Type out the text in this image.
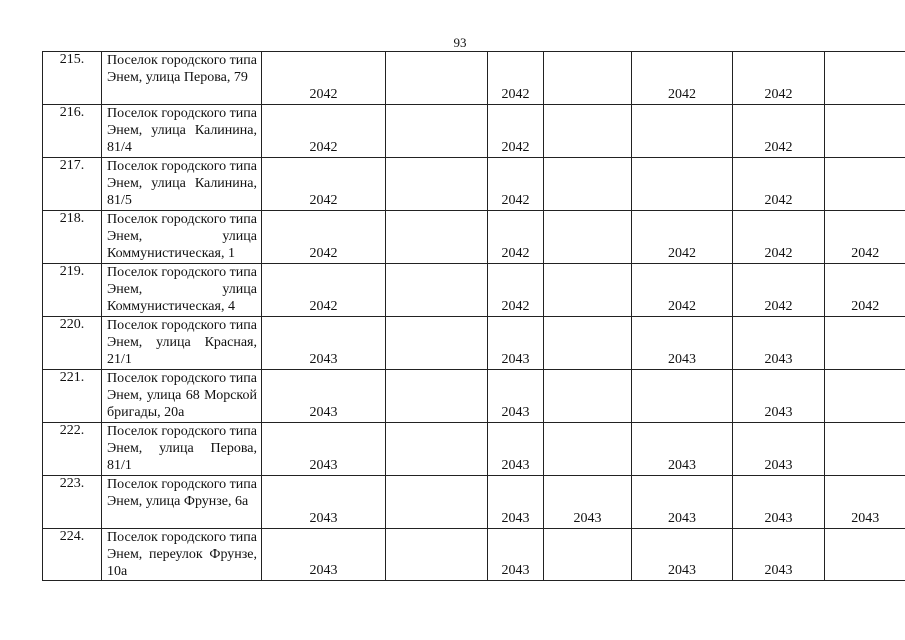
93
215.	Поселок городского типа Энем, улица Перова, 79	2042		2042		2042	2042	
216.	Поселок городского типа Энем, улица Калинина, 81/4	2042		2042			2042	
217.	Поселок городского типа Энем, улица Калинина, 81/5	2042		2042			2042	
218.	Поселок городского типа Энем, улица Коммунистическая, 1	2042		2042		2042	2042	2042
219.	Поселок городского типа Энем, улица Коммунистическая, 4	2042		2042		2042	2042	2042
220.	Поселок городского типа Энем, улица Красная, 21/1	2043		2043		2043	2043	
221.	Поселок городского типа Энем, улица 68 Морской бригады, 20а	2043		2043			2043	
222.	Поселок городского типа Энем, улица Перова, 81/1	2043		2043		2043	2043	
223.	Поселок городского типа Энем, улица Фрунзе, 6а	2043		2043	2043	2043	2043	2043
224.	Поселок городского типа Энем, переулок Фрунзе, 10а	2043		2043		2043	2043	
